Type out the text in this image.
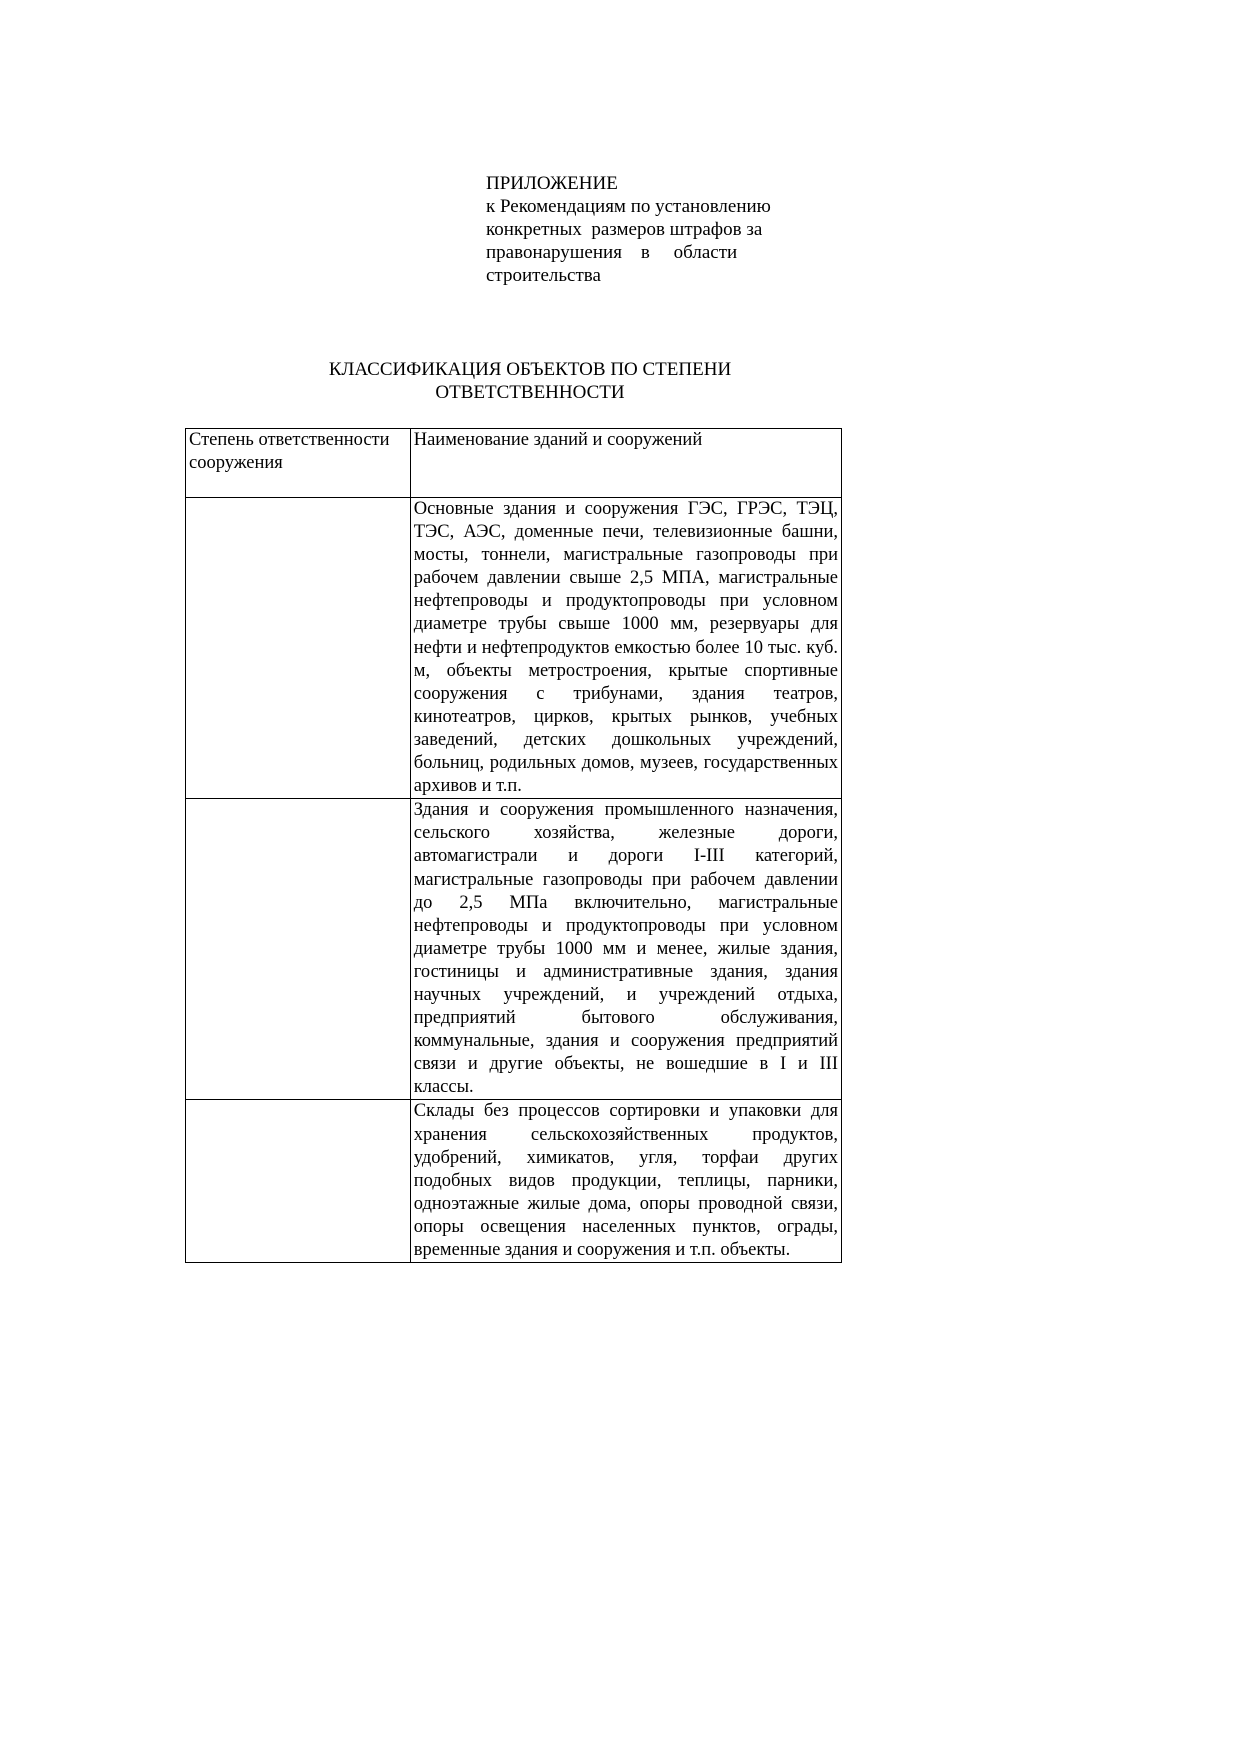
ПРИЛОЖЕНИЕ
к Рекомендациям по установлению
конкретных  размеров штрафов за
правонарушения    в     области
строительства
КЛАССИФИКАЦИЯ ОБЪЕКТОВ ПО СТЕПЕНИ
ОТВЕТСТВЕННОСТИ
Степень ответственности сооружения	Наименование зданий и сооружений
	Основные здания и сооружения ГЭС, ГРЭС, ТЭЦ, ТЭС, АЭС, доменные печи, телевизионные башни, мосты, тоннели, магистральные газопроводы при рабочем давлении свыше 2,5 МПА, магистральные нефтепроводы и продуктопроводы при условном диаметре трубы свыше 1000 мм, резервуары для нефти и нефтепродуктов емкостью более 10 тыс. куб. м, объекты метростроения, крытые спортивные сооружения с трибунами, здания театров, кинотеатров, цирков, крытых рынков, учебных заведений, детских дошкольных учреждений, больниц, родильных домов, музеев, государственных архивов и т.п.
	Здания и сооружения промышленного назначения, сельского хозяйства, железные дороги, автомагистрали и дороги I-III категорий, магистральные газопроводы при рабочем давлении до 2,5 МПа включительно, магистральные нефтепроводы и продуктопроводы при условном диаметре трубы 1000 мм и менее, жилые здания, гостиницы и административные здания, здания научных учреждений, и учреждений отдыха, предприятий бытового обслуживания, коммунальные, здания и сооружения предприятий связи и другие объекты, не вошедшие в I и III классы.
	Склады без процессов сортировки и упаковки для хранения сельскохозяйственных продуктов, удобрений, химикатов, угля, торфаи других подобных видов продукции, теплицы, парники, одноэтажные жилые дома, опоры проводной связи, опоры освещения населенных пунктов, ограды, временные здания и сооружения и т.п. объекты.
